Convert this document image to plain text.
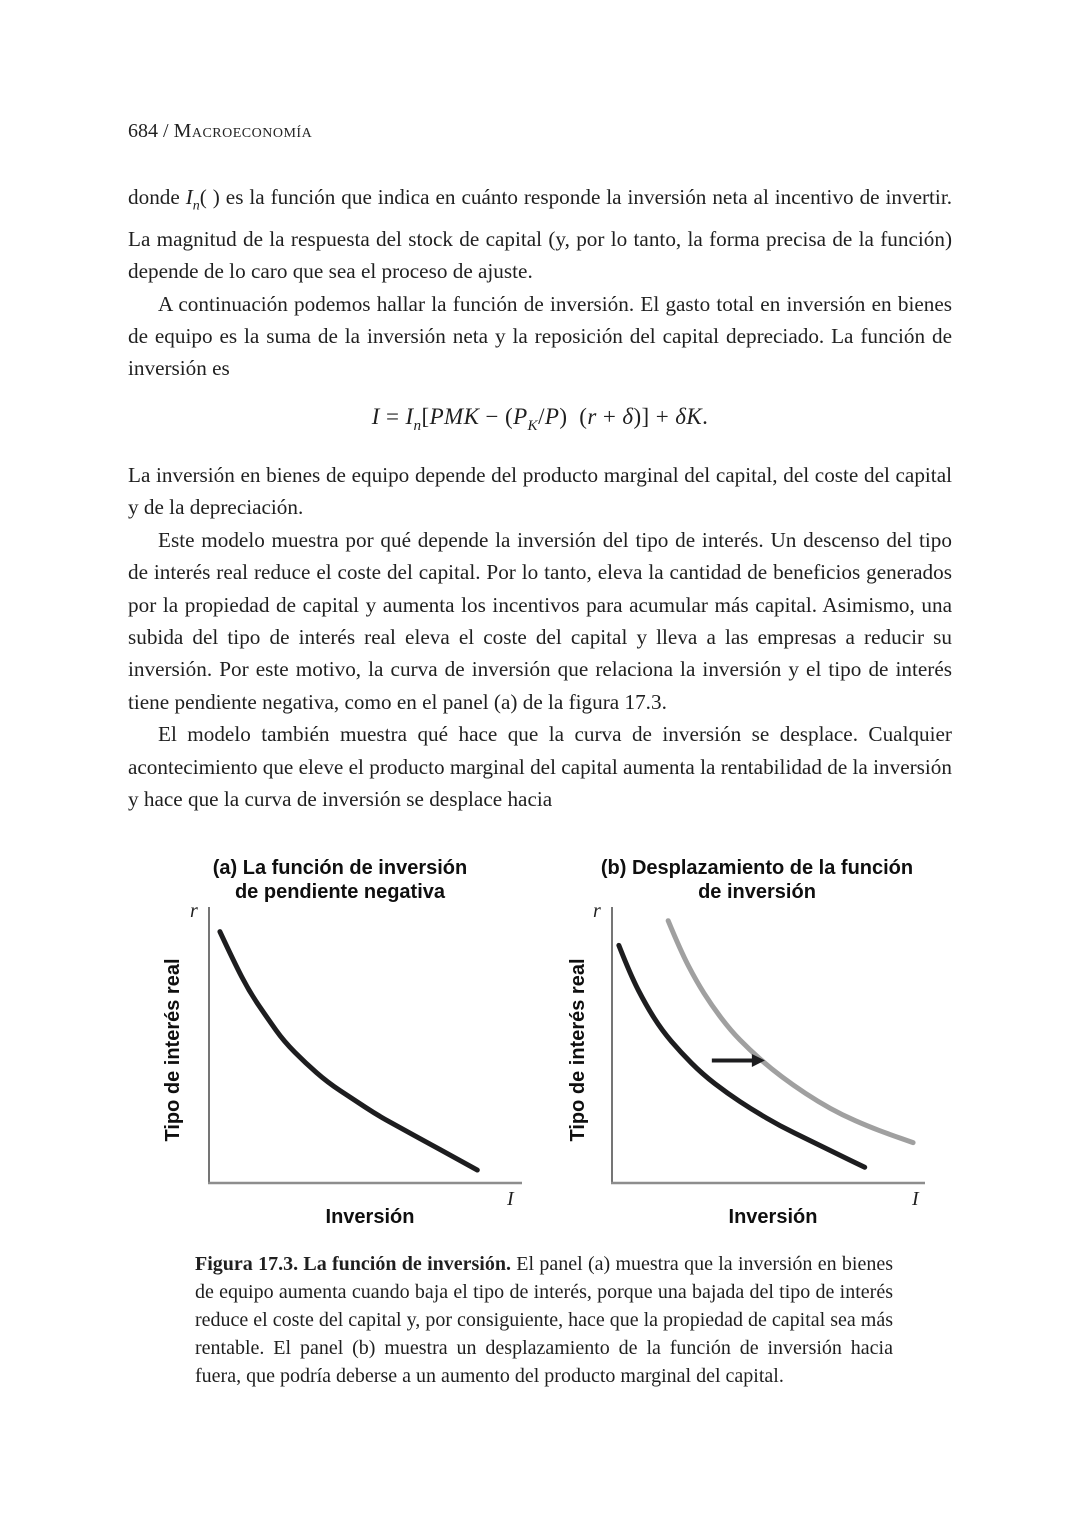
684 / Macroeconomía

donde $I_n$( ) es la función que indica en cuánto responde la inversión neta al incentivo de invertir. La magnitud de la respuesta del stock de capital (y, por lo tanto, la forma precisa de la función) depende de lo caro que sea el proceso de ajuste.

A continuación podemos hallar la función de inversión. El gasto total en inversión en bienes de equipo es la suma de la inversión neta y la reposición del capital depreciado. La función de inversión es

$I = I_n[PMK - (P_K/P)$ (r + δ)] + δK.

La inversión en bienes de equipo depende del producto marginal del capital, del coste del capital y de la depreciación.

Este modelo muestra por qué depende la inversión del tipo de interés. Un descenso del tipo de interés real reduce el coste del capital. Por lo tanto, eleva la cantidad de beneficios generados por la propiedad de capital y aumenta los incentivos para acumular más capital. Asimismo, una subida del tipo de interés real eleva el coste del capital y lleva a las empresas a reducir su inversión. Por este motivo, la curva de inversión que relaciona la inversión y el tipo de interés tiene pendiente negativa, como en el panel (a) de la figura 17.3.

El modelo también muestra qué hace que la curva de inversión se desplace. Cualquier acontecimiento que eleve el producto marginal del capital aumenta la rentabilidad de la inversión y hace que la curva de inversión se desplace hacia

(a) La función de inversión
de pendiente negativa
(b) Desplazamiento de la función
de inversión
r	r
Tipo de interés real	Tipo de interés real
I	I
Inversión	Inversión

Figura 17.3. La función de inversión. El panel (a) muestra que la inversión en bienes de equipo aumenta cuando baja el tipo de interés, porque una bajada del tipo de interés reduce el coste del capital y, por consiguiente, hace que la propiedad de capital sea más rentable. El panel (b) muestra un desplazamiento de la función de inversión hacia fuera, que podría deberse a un aumento del producto marginal del capital.
